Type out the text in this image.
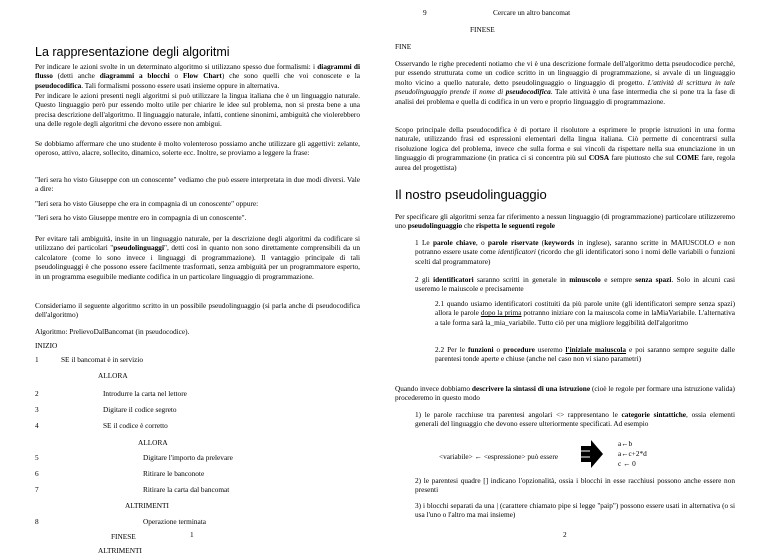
La rappresentazione degli algoritmi

Per indicare le azioni svolte in un determinato algoritmo si utilizzano spesso due formalismi: i diagrammi di flusso (detti anche diagrammi a blocchi o Flow Chart) che sono quelli che voi conoscete e la pseudocodifica. Tali formalismi possono essere usati insieme oppure in alternativa.

Per indicare le azioni presenti negli algoritmi si può utilizzare la lingua italiana che è un linguaggio naturale. Questo linguaggio però pur essendo molto utile per chiarire le idee sul problema, non si presta bene a una precisa descrizione dell'algoritmo. Il linguaggio naturale, infatti, contiene sinonimi, ambiguità che violerebbero una delle regole degli algoritmi che devono essere non ambigui.

Se dobbiamo affermare che uno studente è molto volenteroso possiamo anche utilizzare gli aggettivi: zelante, operoso, attivo, alacre, sollecito, dinamico, solerte ecc. Inoltre, se proviamo a leggere la frase:

"Ieri sera ho visto Giuseppe con un conoscente" vediamo che può essere interpretata in due modi diversi. Vale a dire:

"Ieri sera ho visto Giuseppe che era in compagnia di un conoscente" oppure:

"Ieri sera ho visto Giuseppe mentre ero in compagnia di un conoscente".

Per evitare tali ambiguità, insite in un linguaggio naturale, per la descrizione degli algoritmi da codificare si utilizzano dei particolari "pseudolinguaggi", detti così in quanto non sono direttamente comprensibili da un calcolatore (come lo sono invece i linguaggi di programmazione). Il vantaggio principale di tali pseudolinguaggi è che possono essere facilmente trasformati, senza ambiguità per un programmatore esperto, in un programma eseguibile mediante codifica in un particolare linguaggio di programmazione.

Consideriamo il seguente algoritmo scritto in un possibile pseudolinguaggio (si parla anche di pseudocodifica dell'algoritmo)

Algoritmo: PrelievoDalBancomat (in pseudocodice).

INIZIO
1	SE il bancomat è in servizio
ALLORA
2	Introdurre la carta nel lettore
3	Digitare il codice segreto
4	SE il codice è corretto
ALLORA
5	Digitare l'importo da prelevare
6	Ritirare le banconote
7	Ritirare la carta dal bancomat
ALTRIMENTI
8	Operazione terminata
FINESE
ALTRIMENTI
1
9	Cercare un altro bancomat
FINESE
FINE

Osservando le righe precedenti notiamo che vi è una descrizione formale dell'algoritmo detta pseudocodice perché, pur essendo strutturata come un codice scritto in un linguaggio di programmazione, si avvale di un linguaggio molto vicino a quello naturale, detto pseudolinguaggio o linguaggio di progetto. L'attività di scrittura in tale pseudolinguaggio prende il nome di pseudocodifica. Tale attività è una fase intermedia che si pone tra la fase di analisi dei problema e quella di codifica in un vero e proprio linguaggio di programmazione.

Scopo principale della pseudocodifica è di portare il risolutore a esprimere le proprie istruzioni in una forma naturale, utilizzando frasi ed espressioni elementari della lingua italiana. Ciò permette di concentrarsi sulla risoluzione logica del problema, invece che sulla forma e sui vincoli da rispettare nella sua enunciazione in un linguaggio di programmazione (in pratica ci si concentra più sul COSA fare piuttosto che sul COME fare, regola aurea del progettista)

Il nostro pseudolinguaggio

Per specificare gli algoritmi senza far riferimento a nessun linguaggio (di programmazione) particolare utilizzeremo uno pseudolinguaggio che rispetta le seguenti regole

1 Le parole chiave, o parole riservate (keywords in inglese), saranno scritte in MAIUSCOLO e non potranno essere usate come identificatori (ricordo che gli identificatori sono i nomi delle variabili o funzioni scelti dal programmatore)

2 gli identificatori saranno scritti in generale in minuscolo e sempre senza spazi. Solo in alcuni casi useremo le maiuscole e precisamente

2.1 quando usiamo identificatori costituiti da più parole unite (gli identificatori sempre senza spazi) allora le parole dopo la prima potranno iniziare con la maiuscola come in laMiaVariabile. L'alternativa a tale forma sarà la_mia_variabile. Tutto ciò per una migliore leggibilità dell'algoritmo

2.2 Per le funzioni o procedure useremo l'iniziale maiuscola e poi saranno sempre seguite dalle parentesi tonde aperte e chiuse (anche nel caso non vi siano parametri)

Quando invece dobbiamo descrivere la sintassi di una istruzione (cioè le regole per formare una istruzione valida) procederemo in questo modo

1) le parole racchiuse tra parentesi angolari <> rappresentano le categorie sintattiche, ossia elementi generali del linguaggio che devono essere ulteriormente specificati. Ad esempio

<variabile> ← <espressione> può essere
a←b
a←c+2*d
c ← 0

2) le parentesi quadre [] indicano l'opzionalità, ossia i blocchi in esse racchiusi possono anche essere non presenti

3) i blocchi separati da una | (carattere chiamato pipe si legge "paip") possono essere usati in alternativa (o si usa l'uno o l'altro ma mai insieme)

2
